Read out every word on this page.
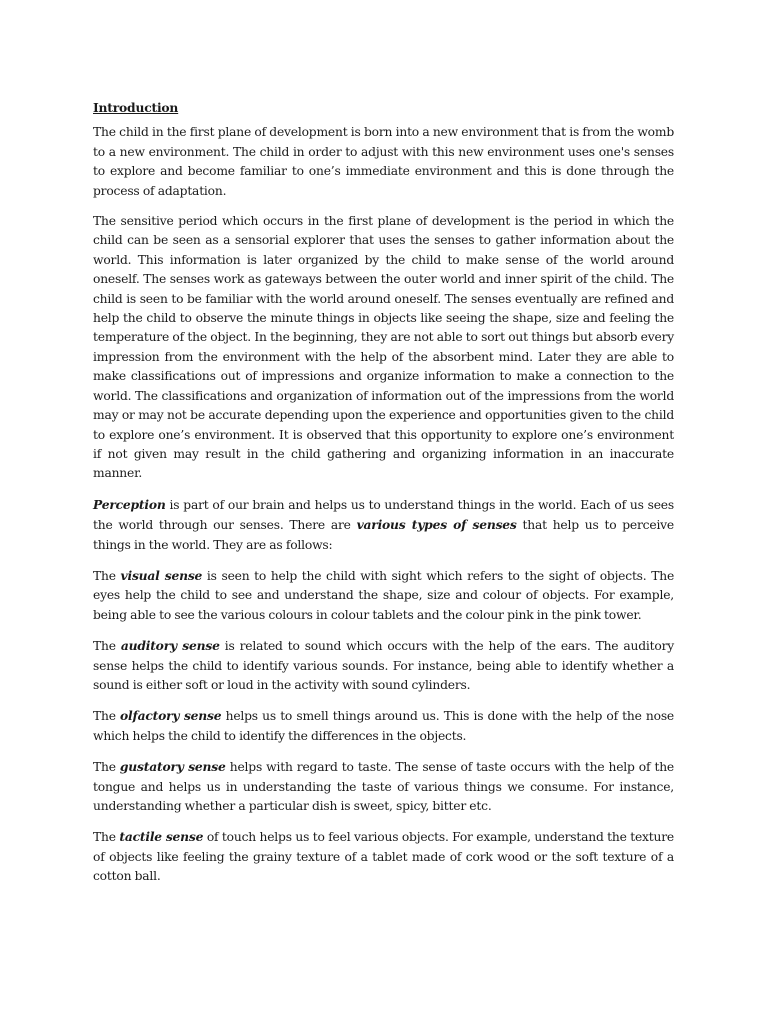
Introduction

The child in the first plane of development is born into a new environment that is from the womb to a new environment. The child in order to adjust with this new environment uses one's senses to explore and become familiar to one’s immediate environment and this is done through the process of adaptation.

The sensitive period which occurs in the first plane of development is the period in which the child can be seen as a sensorial explorer that uses the senses to gather information about the world. This information is later organized by the child to make sense of the world around oneself. The senses work as gateways between the outer world and inner spirit of the child. The child is seen to be familiar with the world around oneself. The senses eventually are refined and help the child to observe the minute things in objects like seeing the shape, size and feeling the temperature of the object. In the beginning, they are not able to sort out things but absorb every impression from the environment with the help of the absorbent mind. Later they are able to make classifications out of impressions and organize information to make a connection to the world. The classifications and organization of information out of the impressions from the world may or may not be accurate depending upon the experience and opportunities given to the child to explore one’s environment. It is observed that this opportunity to explore one’s environment if not given may result in the child gathering and organizing information in an inaccurate manner.

Perception is part of our brain and helps us to understand things in the world. Each of us sees the world through our senses. There are various types of senses that help us to perceive things in the world. They are as follows:

The visual sense is seen to help the child with sight which refers to the sight of objects. The eyes help the child to see and understand the shape, size and colour of objects. For example, being able to see the various colours in colour tablets and the colour pink in the pink tower.

The auditory sense is related to sound which occurs with the help of the ears. The auditory sense helps the child to identify various sounds. For instance, being able to identify whether a sound is either soft or loud in the activity with sound cylinders.

The olfactory sense helps us to smell things around us. This is done with the help of the nose which helps the child to identify the differences in the objects.

The gustatory sense helps with regard to taste. The sense of taste occurs with the help of the tongue and helps us in understanding the taste of various things we consume. For instance, understanding whether a particular dish is sweet, spicy, bitter etc.

The tactile sense of touch helps us to feel various objects. For example, understand the texture of objects like feeling the grainy texture of a tablet made of cork wood or the soft texture of a cotton ball.
